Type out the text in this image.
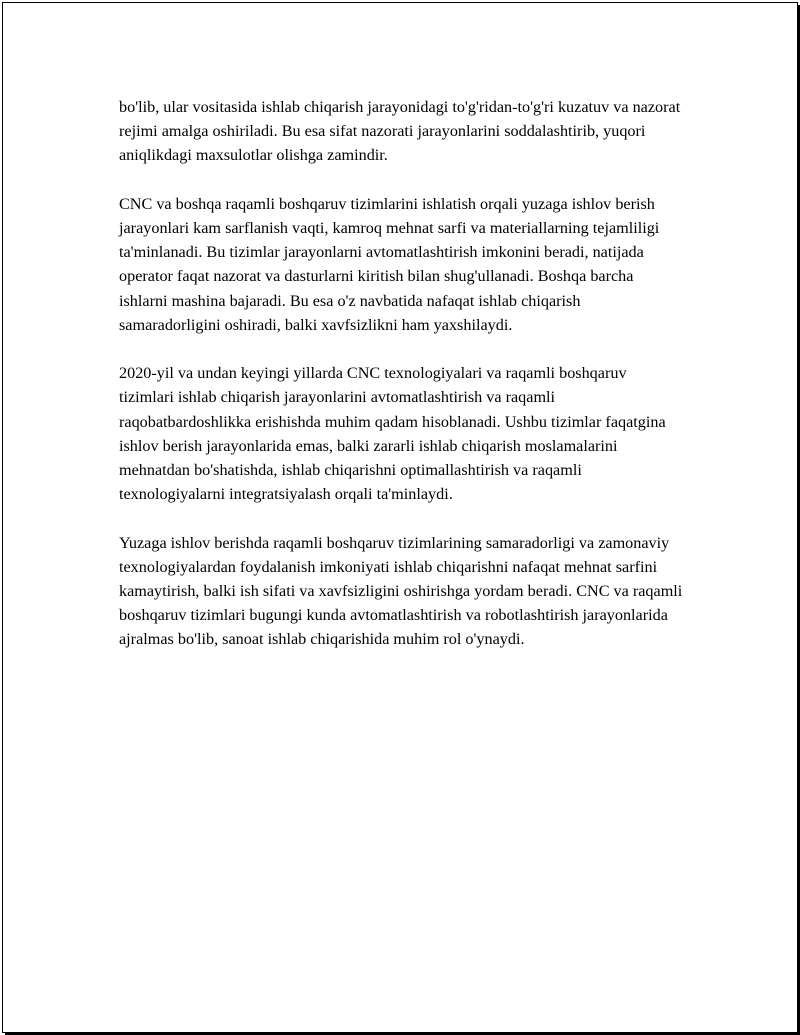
bo'lib, ular vositasida ishlab chiqarish jarayonidagi to'g'ridan-to'g'ri kuzatuv va nazorat rejimi amalga oshiriladi. Bu esa sifat nazorati jarayonlarini soddalashtirib, yuqori aniqlikdagi maxsulotlar olishga zamindir.

CNC va boshqa raqamli boshqaruv tizimlarini ishlatish orqali yuzaga ishlov berish jarayonlari kam sarflanish vaqti, kamroq mehnat sarfi va materiallarning tejamliligi ta'minlanadi. Bu tizimlar jarayonlarni avtomatlashtirish imkonini beradi, natijada operator faqat nazorat va dasturlarni kiritish bilan shug'ullanadi. Boshqa barcha ishlarni mashina bajaradi. Bu esa o'z navbatida nafaqat ishlab chiqarish samaradorligini oshiradi, balki xavfsizlikni ham yaxshilaydi.

2020-yil va undan keyingi yillarda CNC texnologiyalari va raqamli boshqaruv tizimlari ishlab chiqarish jarayonlarini avtomatlashtirish va raqamli raqobatbardoshlikka erishishda muhim qadam hisoblanadi. Ushbu tizimlar faqatgina ishlov berish jarayonlarida emas, balki zararli ishlab chiqarish moslamalarini mehnatdan bo'shatishda, ishlab chiqarishni optimallashtirish va raqamli texnologiyalarni integratsiyalash orqali ta'minlaydi.

Yuzaga ishlov berishda raqamli boshqaruv tizimlarining samaradorligi va zamonaviy texnologiyalardan foydalanish imkoniyati ishlab chiqarishni nafaqat mehnat sarfini kamaytirish, balki ish sifati va xavfsizligini oshirishga yordam beradi. CNC va raqamli boshqaruv tizimlari bugungi kunda avtomatlashtirish va robotlashtirish jarayonlarida ajralmas bo'lib, sanoat ishlab chiqarishida muhim rol o'ynaydi.
